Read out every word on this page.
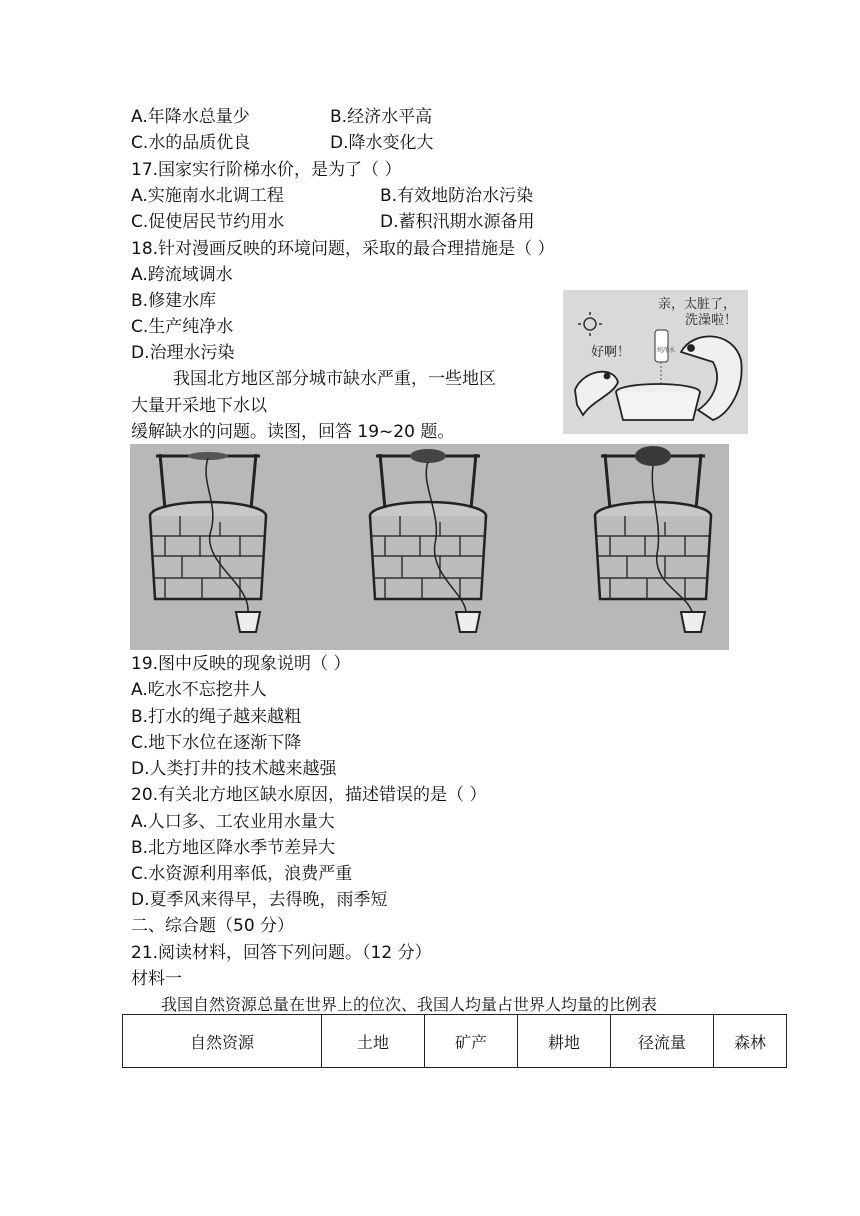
A.年降水总量少	B.经济水平高
C.水的品质优良	D.降水变化大
17.国家实行阶梯水价，是为了（ ）
A.实施南水北调工程	B.有效地防治水污染
C.促使居民节约用水	D.蓄积汛期水源备用
18.针对漫画反映的环境问题，采取的最合理措施是（ ）
A.跨流域调水
B.修建水库
C.生产纯净水
D.治理水污染
亲，太脏了，
洗澡啦！
好啊！	纯净水
我国北方地区部分城市缺水严重，一些地区
大量开采地下水以
缓解缺水的问题。读图，回答 19~20 题。
19.图中反映的现象说明（ ）
A.吃水不忘挖井人
B.打水的绳子越来越粗
C.地下水位在逐渐下降
D.人类打井的技术越来越强
20.有关北方地区缺水原因，描述错误的是（ ）
A.人口多、工农业用水量大
B.北方地区降水季节差异大
C.水资源利用率低，浪费严重
D.夏季风来得早，去得晚，雨季短
二、综合题（50 分）
21.阅读材料，回答下列问题。（12 分）
材料一
我国自然资源总量在世界上的位次、我国人均量占世界人均量的比例表
自然资源	土地	矿产	耕地	径流量	森林
